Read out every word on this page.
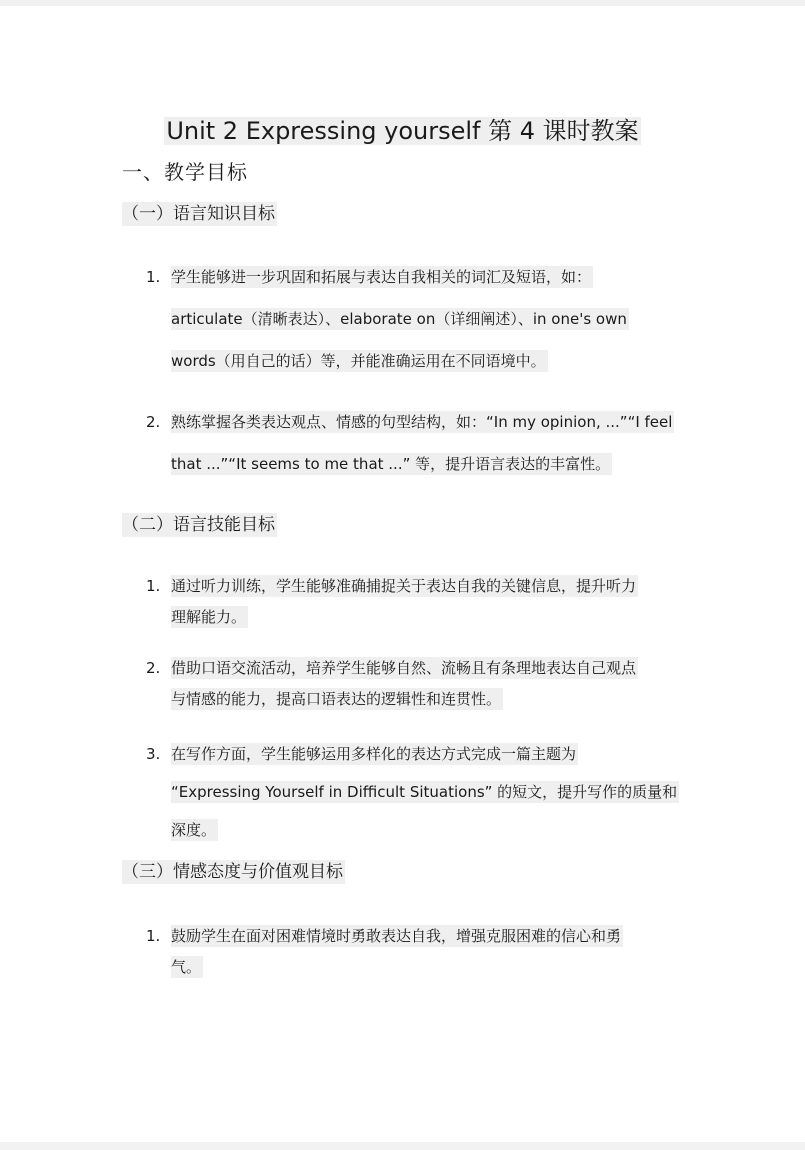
Unit 2 Expressing yourself 第 4 课时教案
一、教学目标
（一）语言知识目标
1. 学生能够进一步巩固和拓展与表达自我相关的词汇及短语，如：
articulate（清晰表达）、elaborate on（详细阐述）、in one's own
words（用自己的话）等，并能准确运用在不同语境中。
2. 熟练掌握各类表达观点、情感的句型结构，如：“In my opinion, ...”“I feel
that ...”“It seems to me that ...” 等，提升语言表达的丰富性。
（二）语言技能目标
1. 通过听力训练，学生能够准确捕捉关于表达自我的关键信息，提升听力
理解能力。
2. 借助口语交流活动，培养学生能够自然、流畅且有条理地表达自己观点
与情感的能力，提高口语表达的逻辑性和连贯性。
3. 在写作方面，学生能够运用多样化的表达方式完成一篇主题为
“Expressing Yourself in Difficult Situations” 的短文，提升写作的质量和
深度。
（三）情感态度与价值观目标
1. 鼓励学生在面对困难情境时勇敢表达自我，增强克服困难的信心和勇
气。
